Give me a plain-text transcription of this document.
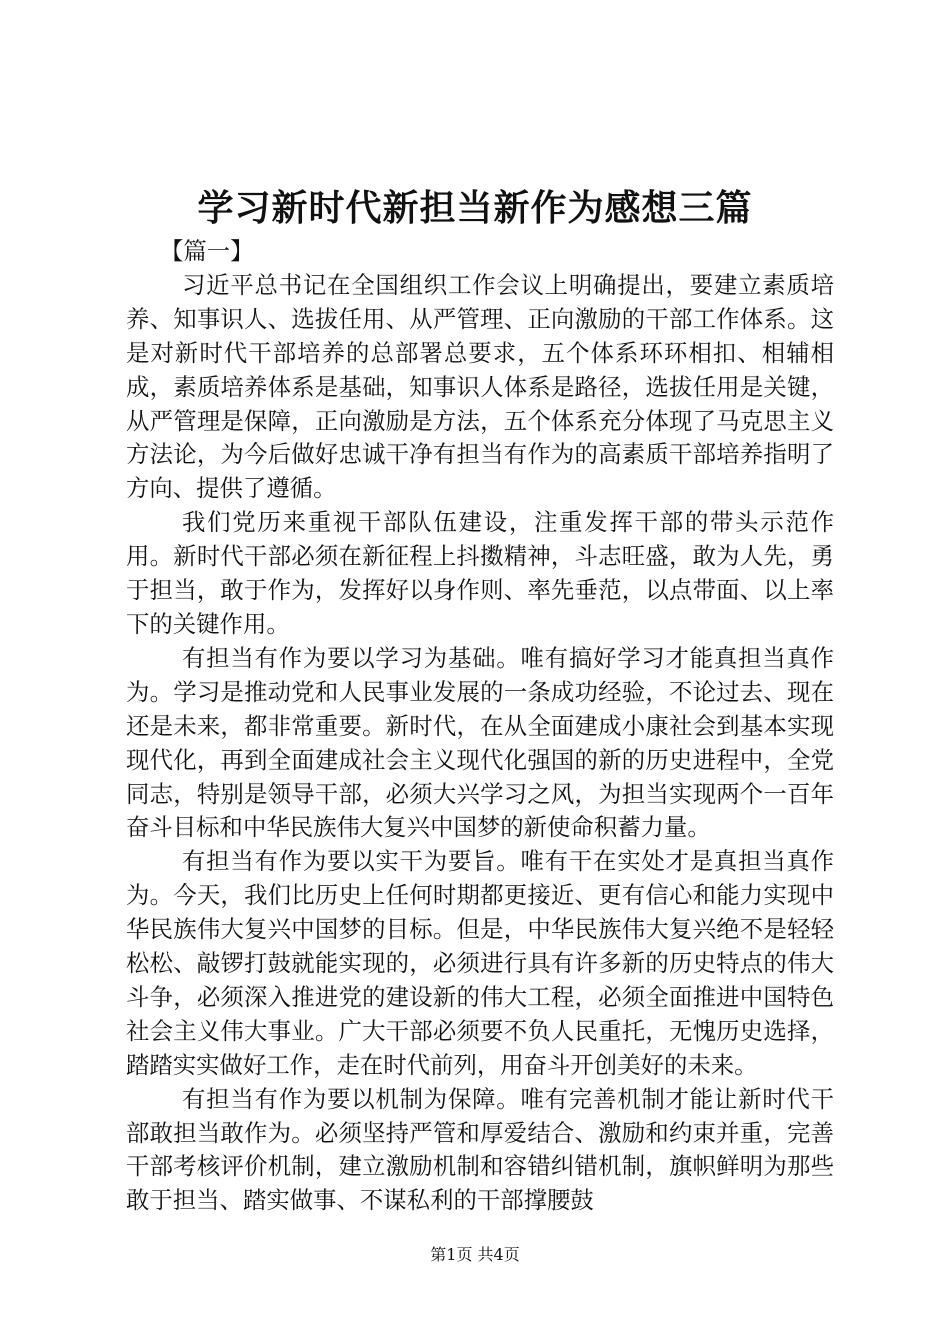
学习新时代新担当新作为感想三篇

【篇一】

习近平总书记在全国组织工作会议上明确提出，要建立素质培养、知事识人、选拔任用、从严管理、正向激励的干部工作体系。这是对新时代干部培养的总部署总要求，五个体系环环相扣、相辅相成，素质培养体系是基础，知事识人体系是路径，选拔任用是关键，从严管理是保障，正向激励是方法，五个体系充分体现了马克思主义方法论，为今后做好忠诚干净有担当有作为的高素质干部培养指明了方向、提供了遵循。

我们党历来重视干部队伍建设，注重发挥干部的带头示范作用。新时代干部必须在新征程上抖擞精神，斗志旺盛，敢为人先，勇于担当，敢于作为，发挥好以身作则、率先垂范，以点带面、以上率下的关键作用。

有担当有作为要以学习为基础。唯有搞好学习才能真担当真作为。学习是推动党和人民事业发展的一条成功经验，不论过去、现在还是未来，都非常重要。新时代，在从全面建成小康社会到基本实现现代化，再到全面建成社会主义现代化强国的新的历史进程中，全党同志，特别是领导干部，必须大兴学习之风，为担当实现两个一百年奋斗目标和中华民族伟大复兴中国梦的新使命积蓄力量。

有担当有作为要以实干为要旨。唯有干在实处才是真担当真作为。今天，我们比历史上任何时期都更接近、更有信心和能力实现中华民族伟大复兴中国梦的目标。但是，中华民族伟大复兴绝不是轻轻松松、敲锣打鼓就能实现的，必须进行具有许多新的历史特点的伟大斗争，必须深入推进党的建设新的伟大工程，必须全面推进中国特色社会主义伟大事业。广大干部必须要不负人民重托，无愧历史选择，踏踏实实做好工作，走在时代前列，用奋斗开创美好的未来。

有担当有作为要以机制为保障。唯有完善机制才能让新时代干部敢担当敢作为。必须坚持严管和厚爱结合、激励和约束并重，完善干部考核评价机制，建立激励机制和容错纠错机制，旗帜鲜明为那些敢于担当、踏实做事、不谋私利的干部撑腰鼓

第1页 共4页
